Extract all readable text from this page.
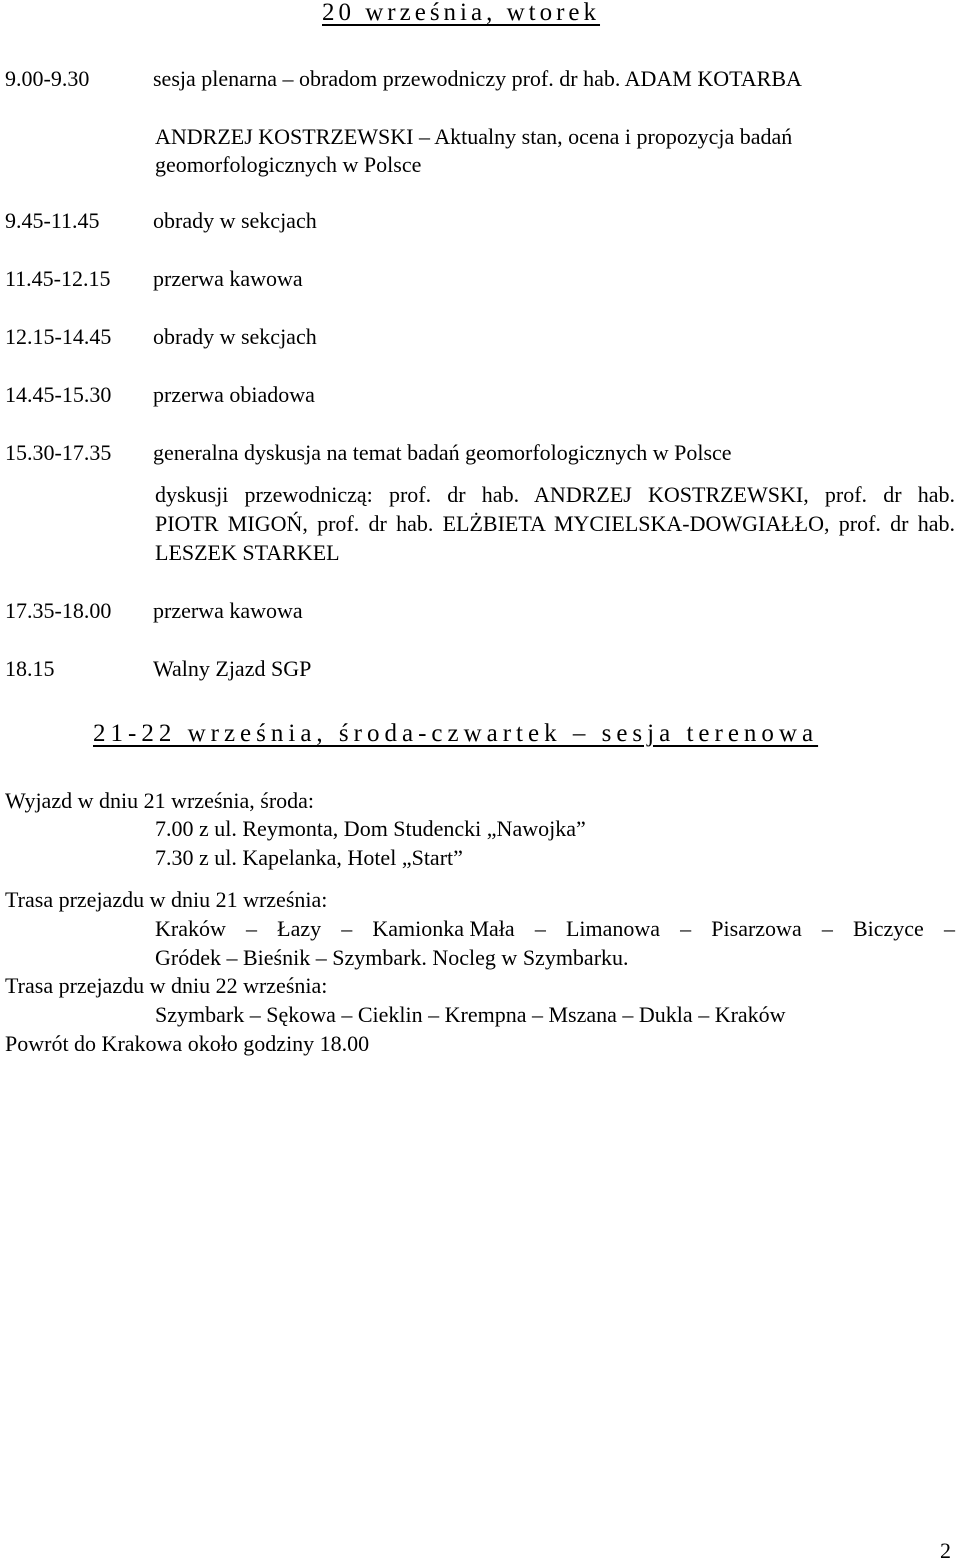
20 września, wtorek
9.00-9.30	sesja plenarna – obradom przewodniczy prof. dr hab. ADAM KOTARBA
ANDRZEJ KOSTRZEWSKI – Aktualny stan, ocena i propozycja badań
geomorfologicznych w Polsce
9.45-11.45 obrady w sekcjach
11.45-12.15 przerwa kawowa
12.15-14.45 obrady w sekcjach
14.45-15.30 przerwa obiadowa
15.30-17.35 generalna dyskusja na temat badań geomorfologicznych w Polsce
dyskusji przewodniczą: prof. dr hab. ANDRZEJ KOSTRZEWSKI, prof. dr hab.
PIOTR MIGOŃ, prof. dr hab. ELŻBIETA MYCIELSKA-DOWGIAŁŁO, prof. dr hab.
LESZEK STARKEL
17.35-18.00 przerwa kawowa
18.15	Walny Zjazd SGP
21-22 września, środa-czwartek – sesja terenowa
Wyjazd w dniu 21 września, środa:
7.00 z ul. Reymonta, Dom Studencki „Nawojka”
7.30 z ul. Kapelanka, Hotel „Start”
Trasa przejazdu w dniu 21 września:
Kraków – Łazy – Kamionka Mała – Limanowa – Pisarzowa – Biczyce –
Gródek – Bieśnik – Szymbark. Nocleg w Szymbarku.
Trasa przejazdu w dniu 22 września:
Szymbark – Sękowa – Cieklin – Krempna – Mszana – Dukla – Kraków
Powrót do Krakowa około godziny 18.00
2
